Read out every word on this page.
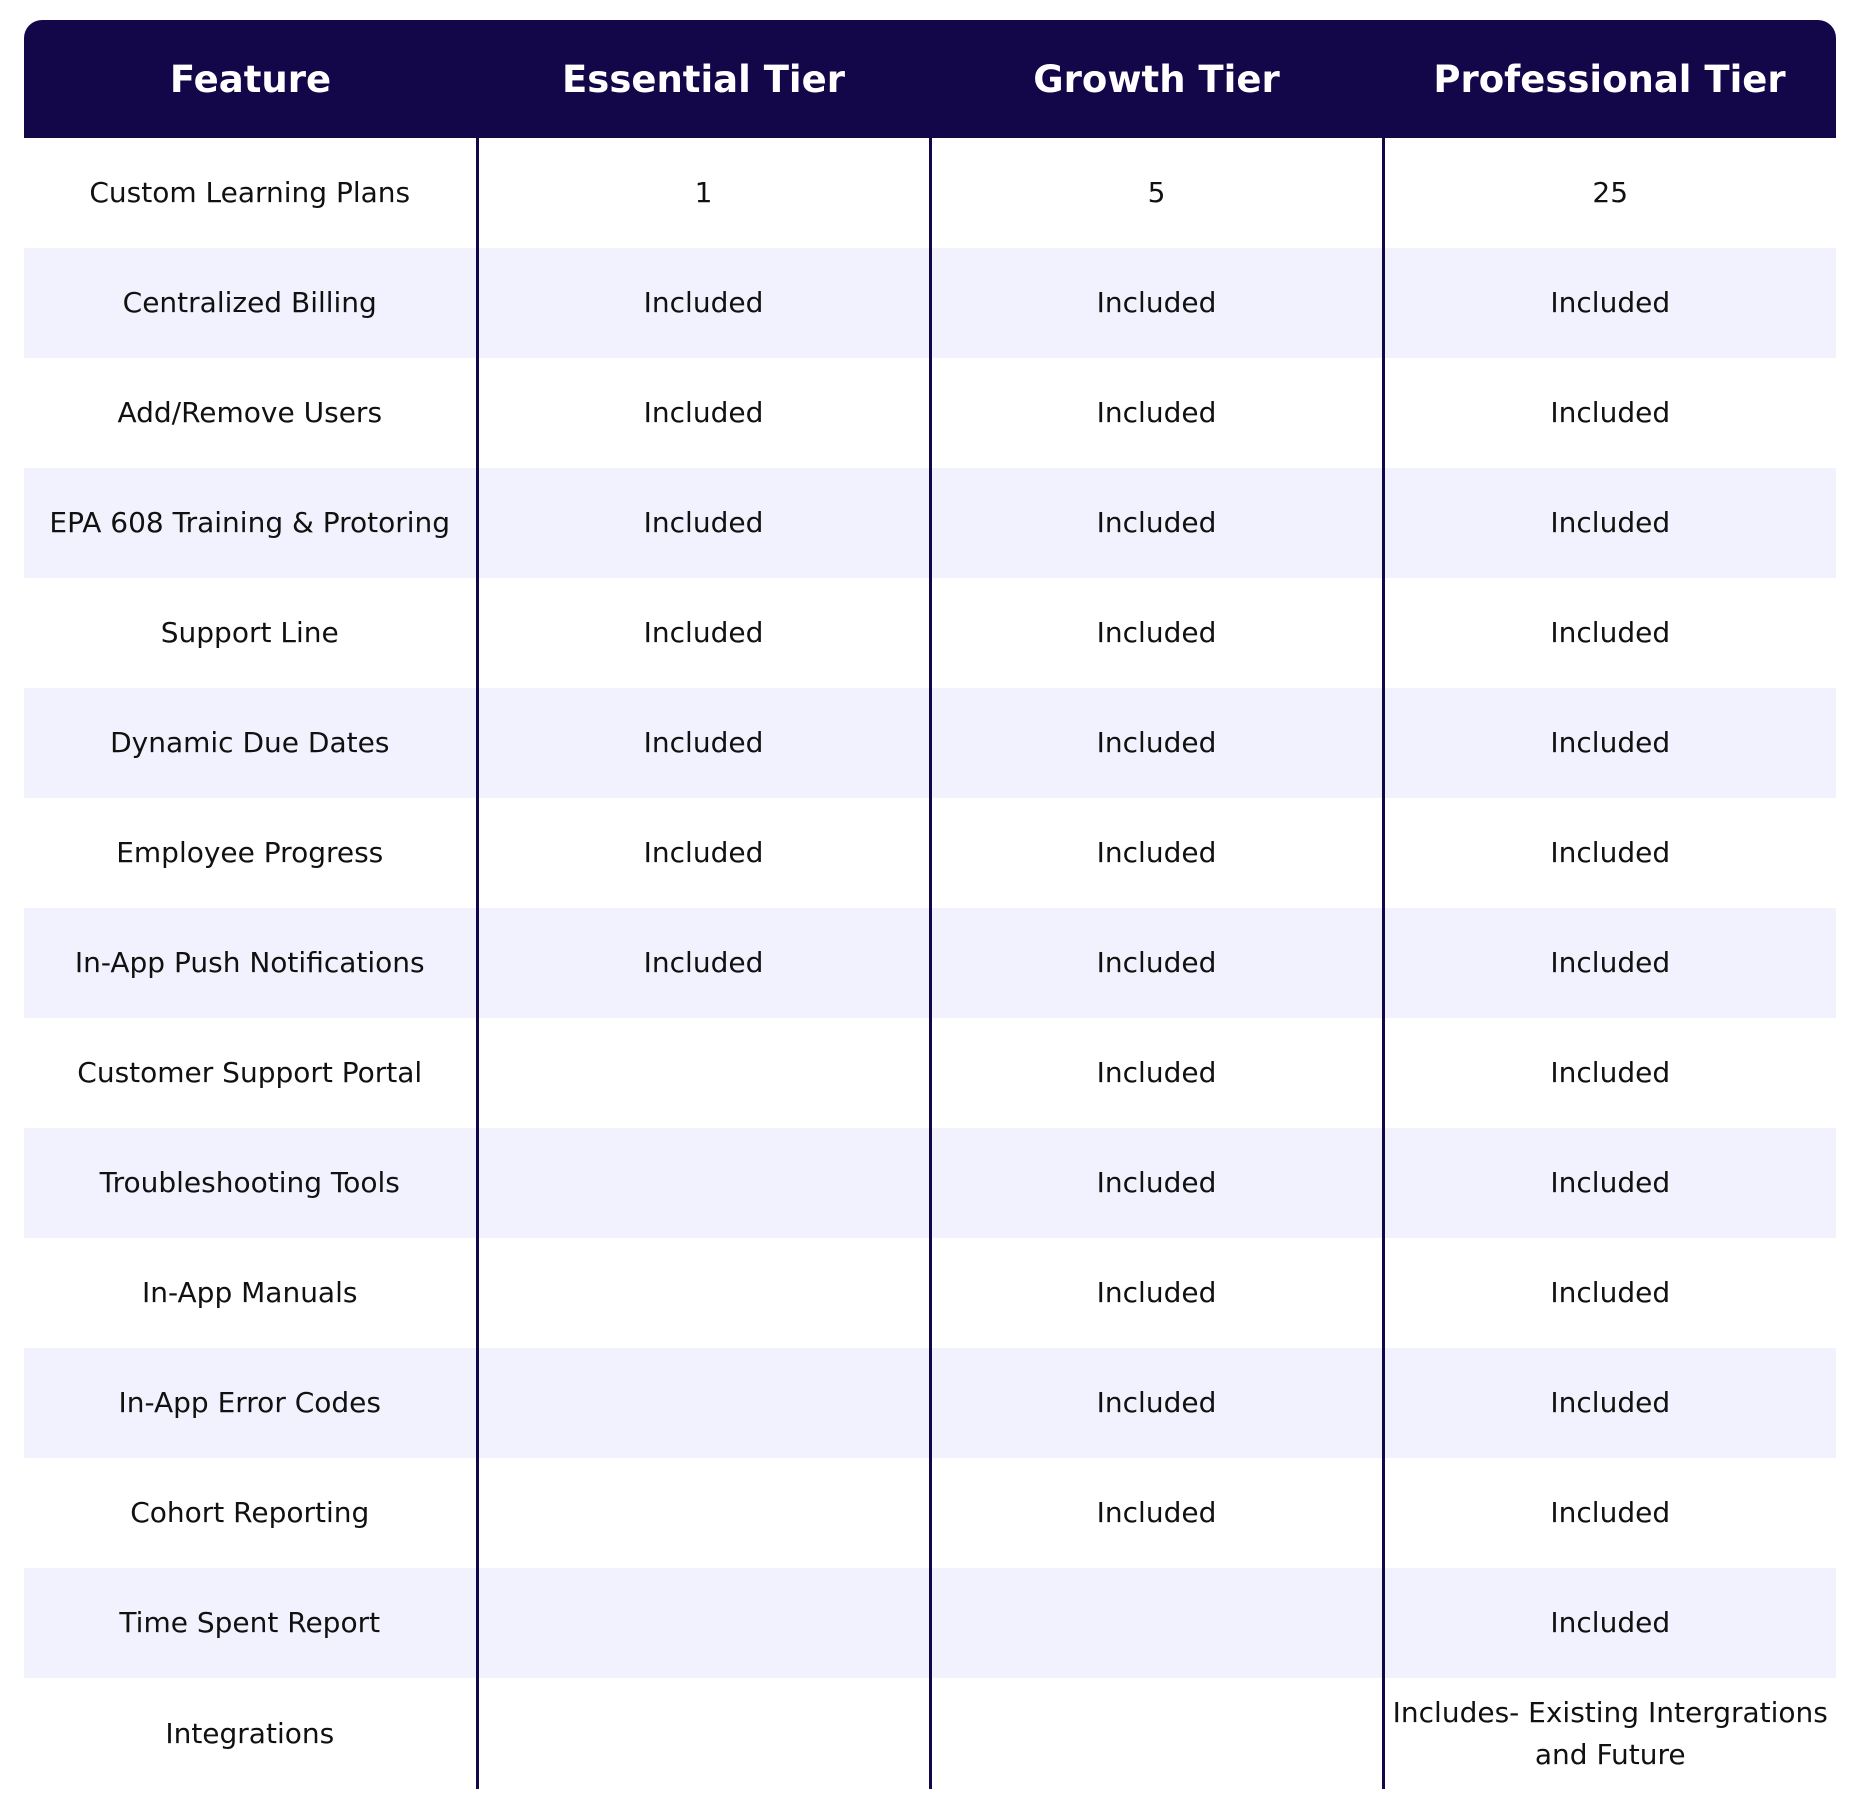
Feature	Essential Tier	Growth Tier	Professional Tier
Custom Learning Plans	1	5	25
Centralized Billing	Included	Included	Included
Add/Remove Users	Included	Included	Included
EPA 608 Training & Protoring	Included	Included	Included
Support Line	Included	Included	Included
Dynamic Due Dates	Included	Included	Included
Employee Progress	Included	Included	Included
In-App Push Notifications	Included	Included	Included
Customer Support Portal		Included	Included
Troubleshooting Tools		Included	Included
In-App Manuals		Included	Included
In-App Error Codes		Included	Included
Cohort Reporting		Included	Included
Time Spent Report			Included
Integrations			Includes- Existing Intergrations and Future
